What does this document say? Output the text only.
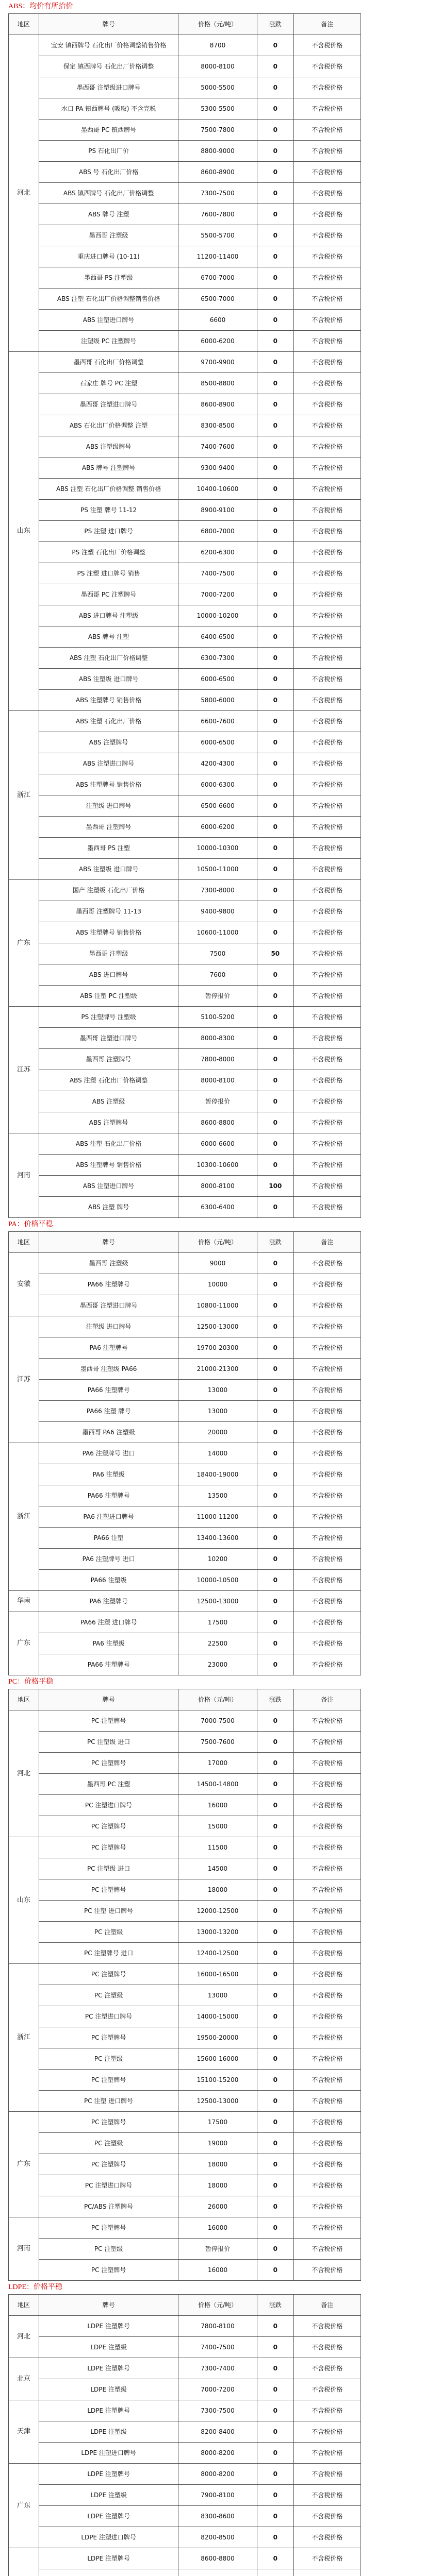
ABS：均价有所抬价
地区	牌号	价格（元/吨）	涨跌	备注
河北	宝安 镇西牌号 石化出厂价格调整销售价格	8700	0	不含税价格
	保定 镇西牌号 石化出厂价格调整	8000-8100	0	不含税价格
	墨西哥 注塑级进口牌号	5000-5500	0	不含税价格
	水口 PA 镇西牌号 (吸取) 不含完税	5300-5500	0	不含税价格
	墨西哥 PC 镇西牌号	7500-7800	0	不含税价格
	PS 石化出厂价	8800-9000	0	不含税价格
	ABS 号 石化出厂价格	8600-8900	0	不含税价格
	ABS 镇西牌号 石化出厂价格调整	7300-7500	0	不含税价格
	ABS 牌号 注塑	7600-7800	0	不含税价格
	墨西哥 注塑级	5500-5700	0	不含税价格
	重庆进口牌号 (10-11)	11200-11400	0	不含税价格
	墨西哥 PS 注塑级	6700-7000	0	不含税价格
	ABS 注塑 石化出厂价格调整销售价格	6500-7000	0	不含税价格
	ABS 注塑进口牌号	6600	0	不含税价格
	注塑级 PC 注塑牌号	6000-6200	0	不含税价格
山东	墨西哥 石化出厂价格调整	9700-9900	0	不含税价格
	石家庄 牌号 PC 注塑	8500-8800	0	不含税价格
	墨西哥 注塑进口牌号	8600-8900	0	不含税价格
	ABS 石化出厂价格调整 注塑	8300-8500	0	不含税价格
	ABS 注塑级牌号	7400-7600	0	不含税价格
	ABS 牌号 注塑牌号	9300-9400	0	不含税价格
	ABS 注塑 石化出厂价格调整 销售价格	10400-10600	0	不含税价格
	PS 注塑 牌号 11-12	8900-9100	0	不含税价格
	PS 注塑 进口牌号	6800-7000	0	不含税价格
	PS 注塑 石化出厂价格调整	6200-6300	0	不含税价格
	PS 注塑 进口牌号 销售	7400-7500	0	不含税价格
	墨西哥 PC 注塑牌号	7000-7200	0	不含税价格
	ABS 进口牌号 注塑级	10000-10200	0	不含税价格
	ABS 牌号 注塑	6400-6500	0	不含税价格
	ABS 注塑 石化出厂价格调整	6300-7300	0	不含税价格
	ABS 注塑级 进口牌号	6000-6500	0	不含税价格
	ABS 注塑牌号 销售价格	5800-6000	0	不含税价格
浙江	ABS 注塑 石化出厂价格	6600-7600	0	不含税价格
	ABS 注塑牌号	6000-6500	0	不含税价格
	ABS 注塑进口牌号	4200-4300	0	不含税价格
	ABS 注塑牌号 销售价格	6000-6300	0	不含税价格
	注塑级 进口牌号	6500-6600	0	不含税价格
	墨西哥 注塑牌号	6000-6200	0	不含税价格
	墨西哥 PS 注塑	10000-10300	0	不含税价格
	ABS 注塑级 进口牌号	10500-11000	0	不含税价格
广东	国产 注塑级 石化出厂价格	7300-8000	0	不含税价格
	墨西哥 注塑牌号 11-13	9400-9800	0	不含税价格
	ABS 注塑牌号 销售价格	10600-11000	0	不含税价格
	墨西哥 注塑级	7500	50	不含税价格
	ABS 进口牌号	7600	0	不含税价格
	ABS 注塑 PC 注塑级	暂停报价	0	不含税价格
江苏	PS 注塑牌号 注塑级	5100-5200	0	不含税价格
	墨西哥 注塑进口牌号	8000-8300	0	不含税价格
	墨西哥 注塑牌号	7800-8000	0	不含税价格
	ABS 注塑 石化出厂价格调整	8000-8100	0	不含税价格
	ABS 注塑级	暂停报价	0	不含税价格
	ABS 注塑牌号	8600-8800	0	不含税价格
河南	ABS 注塑 石化出厂价格	6000-6600	0	不含税价格
	ABS 注塑牌号 销售价格	10300-10600	0	不含税价格
	ABS 注塑进口牌号	8000-8100	100	不含税价格
	ABS 注塑 牌号	6300-6400	0	不含税价格
PA：价格平稳
地区	牌号	价格（元/吨）	涨跌	备注
安徽	墨西哥 注塑级	9000	0	不含税价格
	PA66 注塑牌号	10000	0	不含税价格
	墨西哥 注塑进口牌号	10800-11000	0	不含税价格
江苏	注塑级 进口牌号	12500-13000	0	不含税价格
	PA6 注塑牌号	19700-20300	0	不含税价格
	墨西哥 注塑级 PA66	21000-21300	0	不含税价格
	PA66 注塑牌号	13000	0	不含税价格
	PA66 注塑 牌号	13000	0	不含税价格
	墨西哥 PA6 注塑级	20000	0	不含税价格
浙江	PA6 注塑牌号 进口	14000	0	不含税价格
	PA6 注塑级	18400-19000	0	不含税价格
	PA66 注塑牌号	13500	0	不含税价格
	PA6 注塑进口牌号	11000-11200	0	不含税价格
	PA66 注塑	13400-13600	0	不含税价格
	PA6 注塑牌号 进口	10200	0	不含税价格
	PA66 注塑级	10000-10500	0	不含税价格
华南	PA6 注塑牌号	12500-13000	0	不含税价格
广东	PA66 注塑 进口牌号	17500	0	不含税价格
	PA6 注塑级	22500	0	不含税价格
	PA66 注塑牌号	23000	0	不含税价格
PC：价格平稳
地区	牌号	价格（元/吨）	涨跌	备注
河北	PC 注塑牌号	7000-7500	0	不含税价格
	PC 注塑级 进口	7500-7600	0	不含税价格
	PC 注塑牌号	17000	0	不含税价格
	墨西哥 PC 注塑	14500-14800	0	不含税价格
	PC 注塑进口牌号	16000	0	不含税价格
	PC 注塑牌号	15000	0	不含税价格
山东	PC 注塑牌号	11500	0	不含税价格
	PC 注塑级 进口	14500	0	不含税价格
	PC 注塑牌号	18000	0	不含税价格
	PC 注塑 进口牌号	12000-12500	0	不含税价格
	PC 注塑级	13000-13200	0	不含税价格
	PC 注塑牌号 进口	12400-12500	0	不含税价格
浙江	PC 注塑牌号	16000-16500	0	不含税价格
	PC 注塑级	13000	0	不含税价格
	PC 注塑进口牌号	14000-15000	0	不含税价格
	PC 注塑牌号	19500-20000	0	不含税价格
	PC 注塑级	15600-16000	0	不含税价格
	PC 注塑牌号	15100-15200	0	不含税价格
	PC 注塑 进口牌号	12500-13000	0	不含税价格
广东	PC 注塑牌号	17500	0	不含税价格
	PC 注塑级	19000	0	不含税价格
	PC 注塑牌号	18000	0	不含税价格
	PC 注塑进口牌号	18000	0	不含税价格
	PC/ABS 注塑牌号	26000	0	不含税价格
河南	PC 注塑牌号	16000	0	不含税价格
	PC 注塑级	暂停报价	0	不含税价格
	PC 注塑牌号	16000	0	不含税价格
LDPE：价格平稳
地区	牌号	价格（元/吨）	涨跌	备注
河北	LDPE 注塑牌号	7800-8100	0	不含税价格
	LDPE 注塑级	7400-7500	0	不含税价格
北京	LDPE 注塑牌号	7300-7400	0	不含税价格
	LDPE 注塑级	7000-7200	0	不含税价格
天津	LDPE 注塑牌号	7300-7500	0	不含税价格
	LDPE 注塑级	8200-8400	0	不含税价格
	LDPE 注塑进口牌号	8000-8200	0	不含税价格
广东	LDPE 注塑牌号	8000-8200	0	不含税价格
	LDPE 注塑级	7900-8100	0	不含税价格
	LDPE 注塑牌号	8300-8600	0	不含税价格
	LDPE 注塑进口牌号	8200-8500	0	不含税价格
	LDPE 注塑牌号	8600-8800	0	不含税价格
